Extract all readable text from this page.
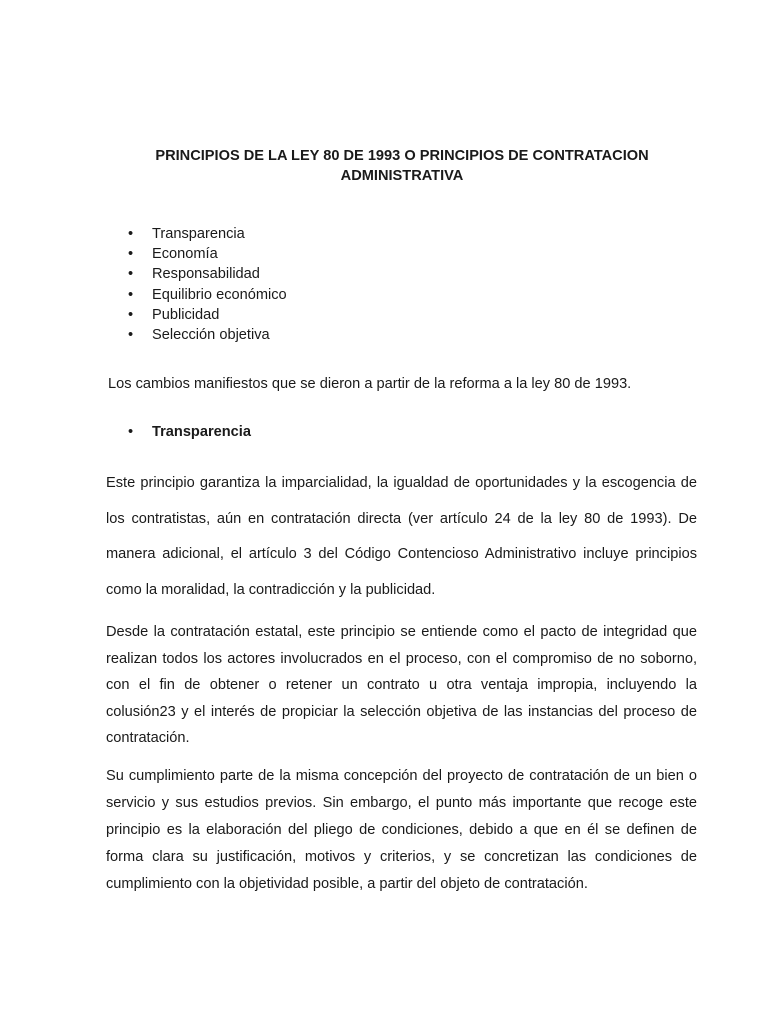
PRINCIPIOS DE LA LEY 80 DE 1993 O PRINCIPIOS DE CONTRATACION
ADMINISTRATIVA
• Transparencia
• Economía
• Responsabilidad
• Equilibrio económico
• Publicidad
• Selección objetiva

Los cambios manifiestos que se dieron a partir de la reforma a la ley 80 de 1993.

• Transparencia

Este principio garantiza la imparcialidad, la igualdad de oportunidades y la escogencia de los contratistas, aún en contratación directa (ver artículo 24 de la ley 80 de 1993). De manera adicional, el artículo 3 del Código Contencioso Administrativo incluye principios como la moralidad, la contradicción y la publicidad.

Desde la contratación estatal, este principio se entiende como el pacto de integridad que realizan todos los actores involucrados en el proceso, con el compromiso de no soborno, con el fin de obtener o retener un contrato u otra ventaja impropia, incluyendo la colusión23 y el interés de propiciar la selección objetiva de las instancias del proceso de contratación.

Su cumplimiento parte de la misma concepción del proyecto de contratación de un bien o servicio y sus estudios previos. Sin embargo, el punto más importante que recoge este principio es la elaboración del pliego de condiciones, debido a que en él se definen de forma clara su justificación, motivos y criterios, y se concretizan las condiciones de cumplimiento con la objetividad posible, a partir del objeto de contratación.
